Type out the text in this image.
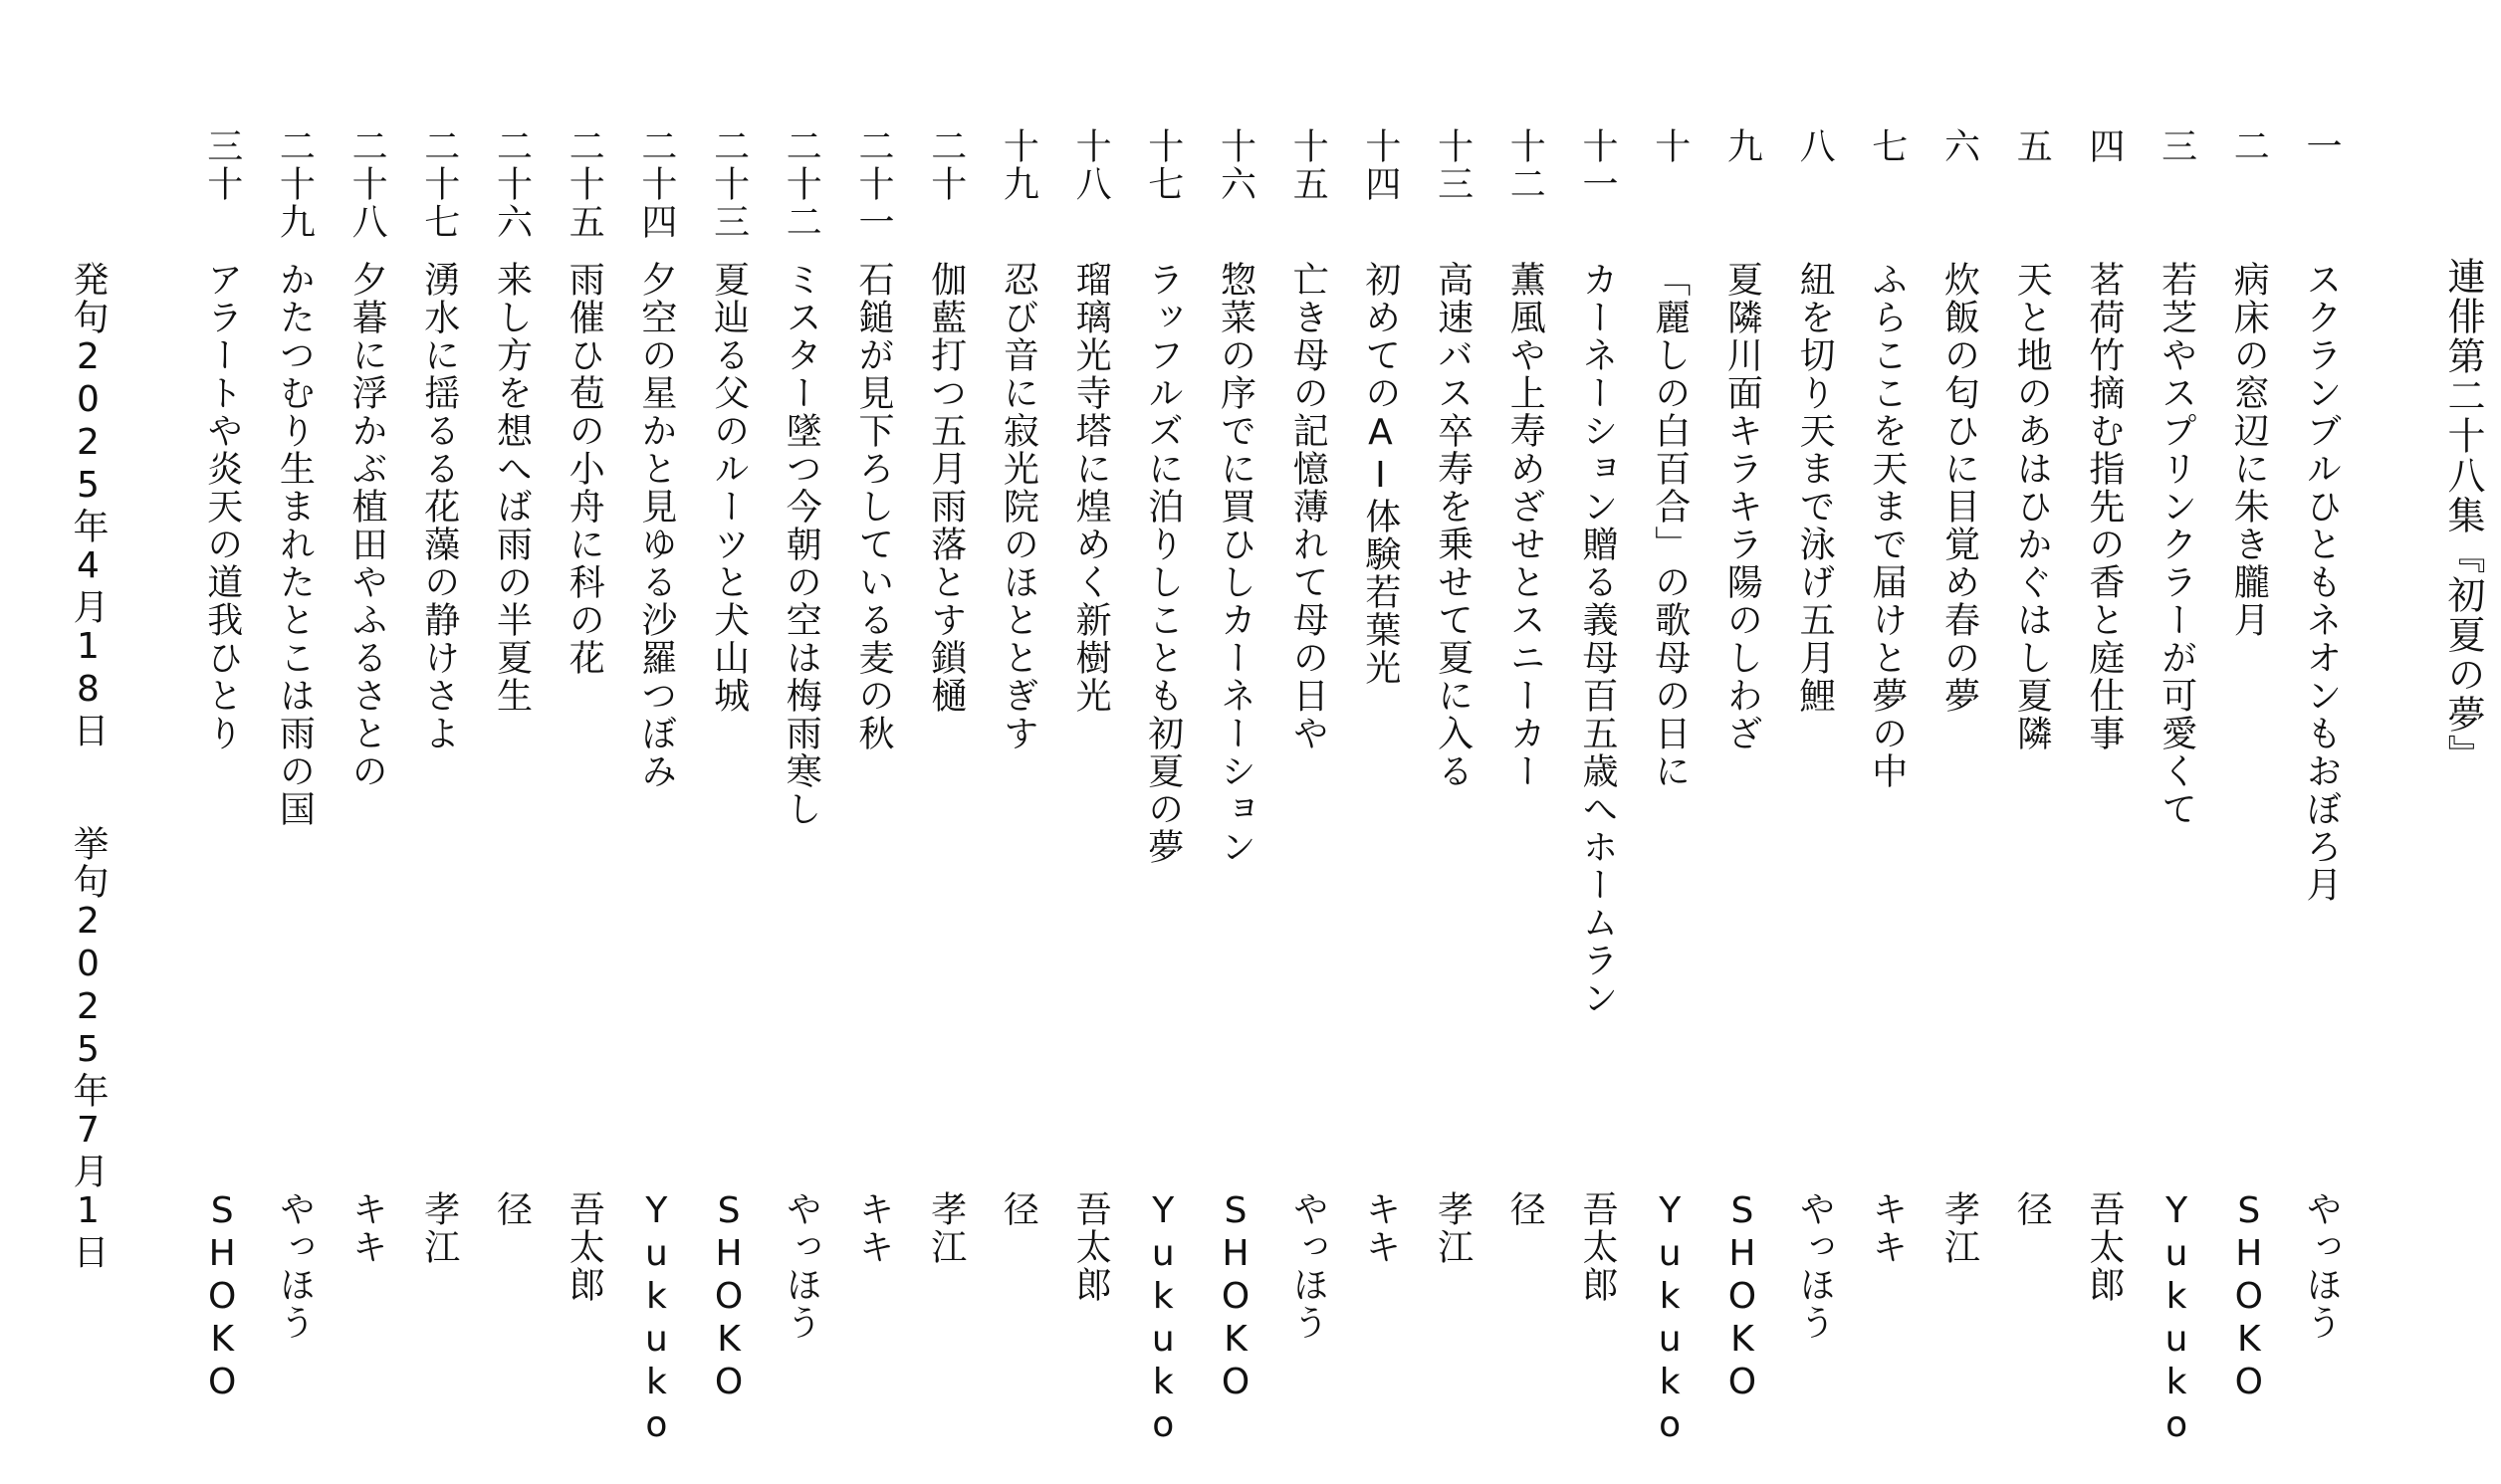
連俳第二十八集『初夏の夢』
一
スクランブルひともネオンもおぼろ月
やっほう
二
病床の窓辺に朱き朧月
SHOKO
三
若芝やスプリンクラーが可愛くて
Yukuko
四
茗荷竹摘む指先の香と庭仕事
吾太郎
五
天と地のあはひかぐはし夏隣
径
六
炊飯の匂ひに目覚め春の夢
孝江
七
ふらここを天まで届けと夢の中
キキ
八
紐を切り天まで泳げ五月鯉
やっほう
九
夏隣川面キラキラ陽のしわざ
SHOKO
十
「麗しの白百合」の歌母の日に
Yukuko
十一
カーネーション贈る義母百五歳へホームラン
吾太郎
十二
薫風や上寿めざせとスニーカー
径
十三
高速バス卒寿を乗せて夏に入る
孝江
十四
初めてのAI体験若葉光
キキ
十五
亡き母の記憶薄れて母の日や
やっほう
十六
惣菜の序でに買ひしカーネーション
SHOKO
十七
ラッフルズに泊りしことも初夏の夢
Yukuko
十八
瑠璃光寺塔に煌めく新樹光
吾太郎
十九
忍び音に寂光院のほととぎす
径
二十
伽藍打つ五月雨落とす鎖樋
孝江
二十一
石鎚が見下ろしている麦の秋
キキ
二十二
ミスター墜つ今朝の空は梅雨寒し
やっほう
二十三
夏辿る父のルーツと犬山城
SHOKO
二十四
夕空の星かと見ゆる沙羅つぼみ
Yukuko
二十五
雨催ひ苞の小舟に科の花
吾太郎
二十六
来し方を想へば雨の半夏生
径
二十七
湧水に揺るる花藻の静けさよ
孝江
二十八
夕暮に浮かぶ植田やふるさとの
キキ
二十九
かたつむり生まれたとこは雨の国
やっほう
三十
アラートや炎天の道我ひとり
SHOKO
発句2025年4月18日挙句2025年7月1日
